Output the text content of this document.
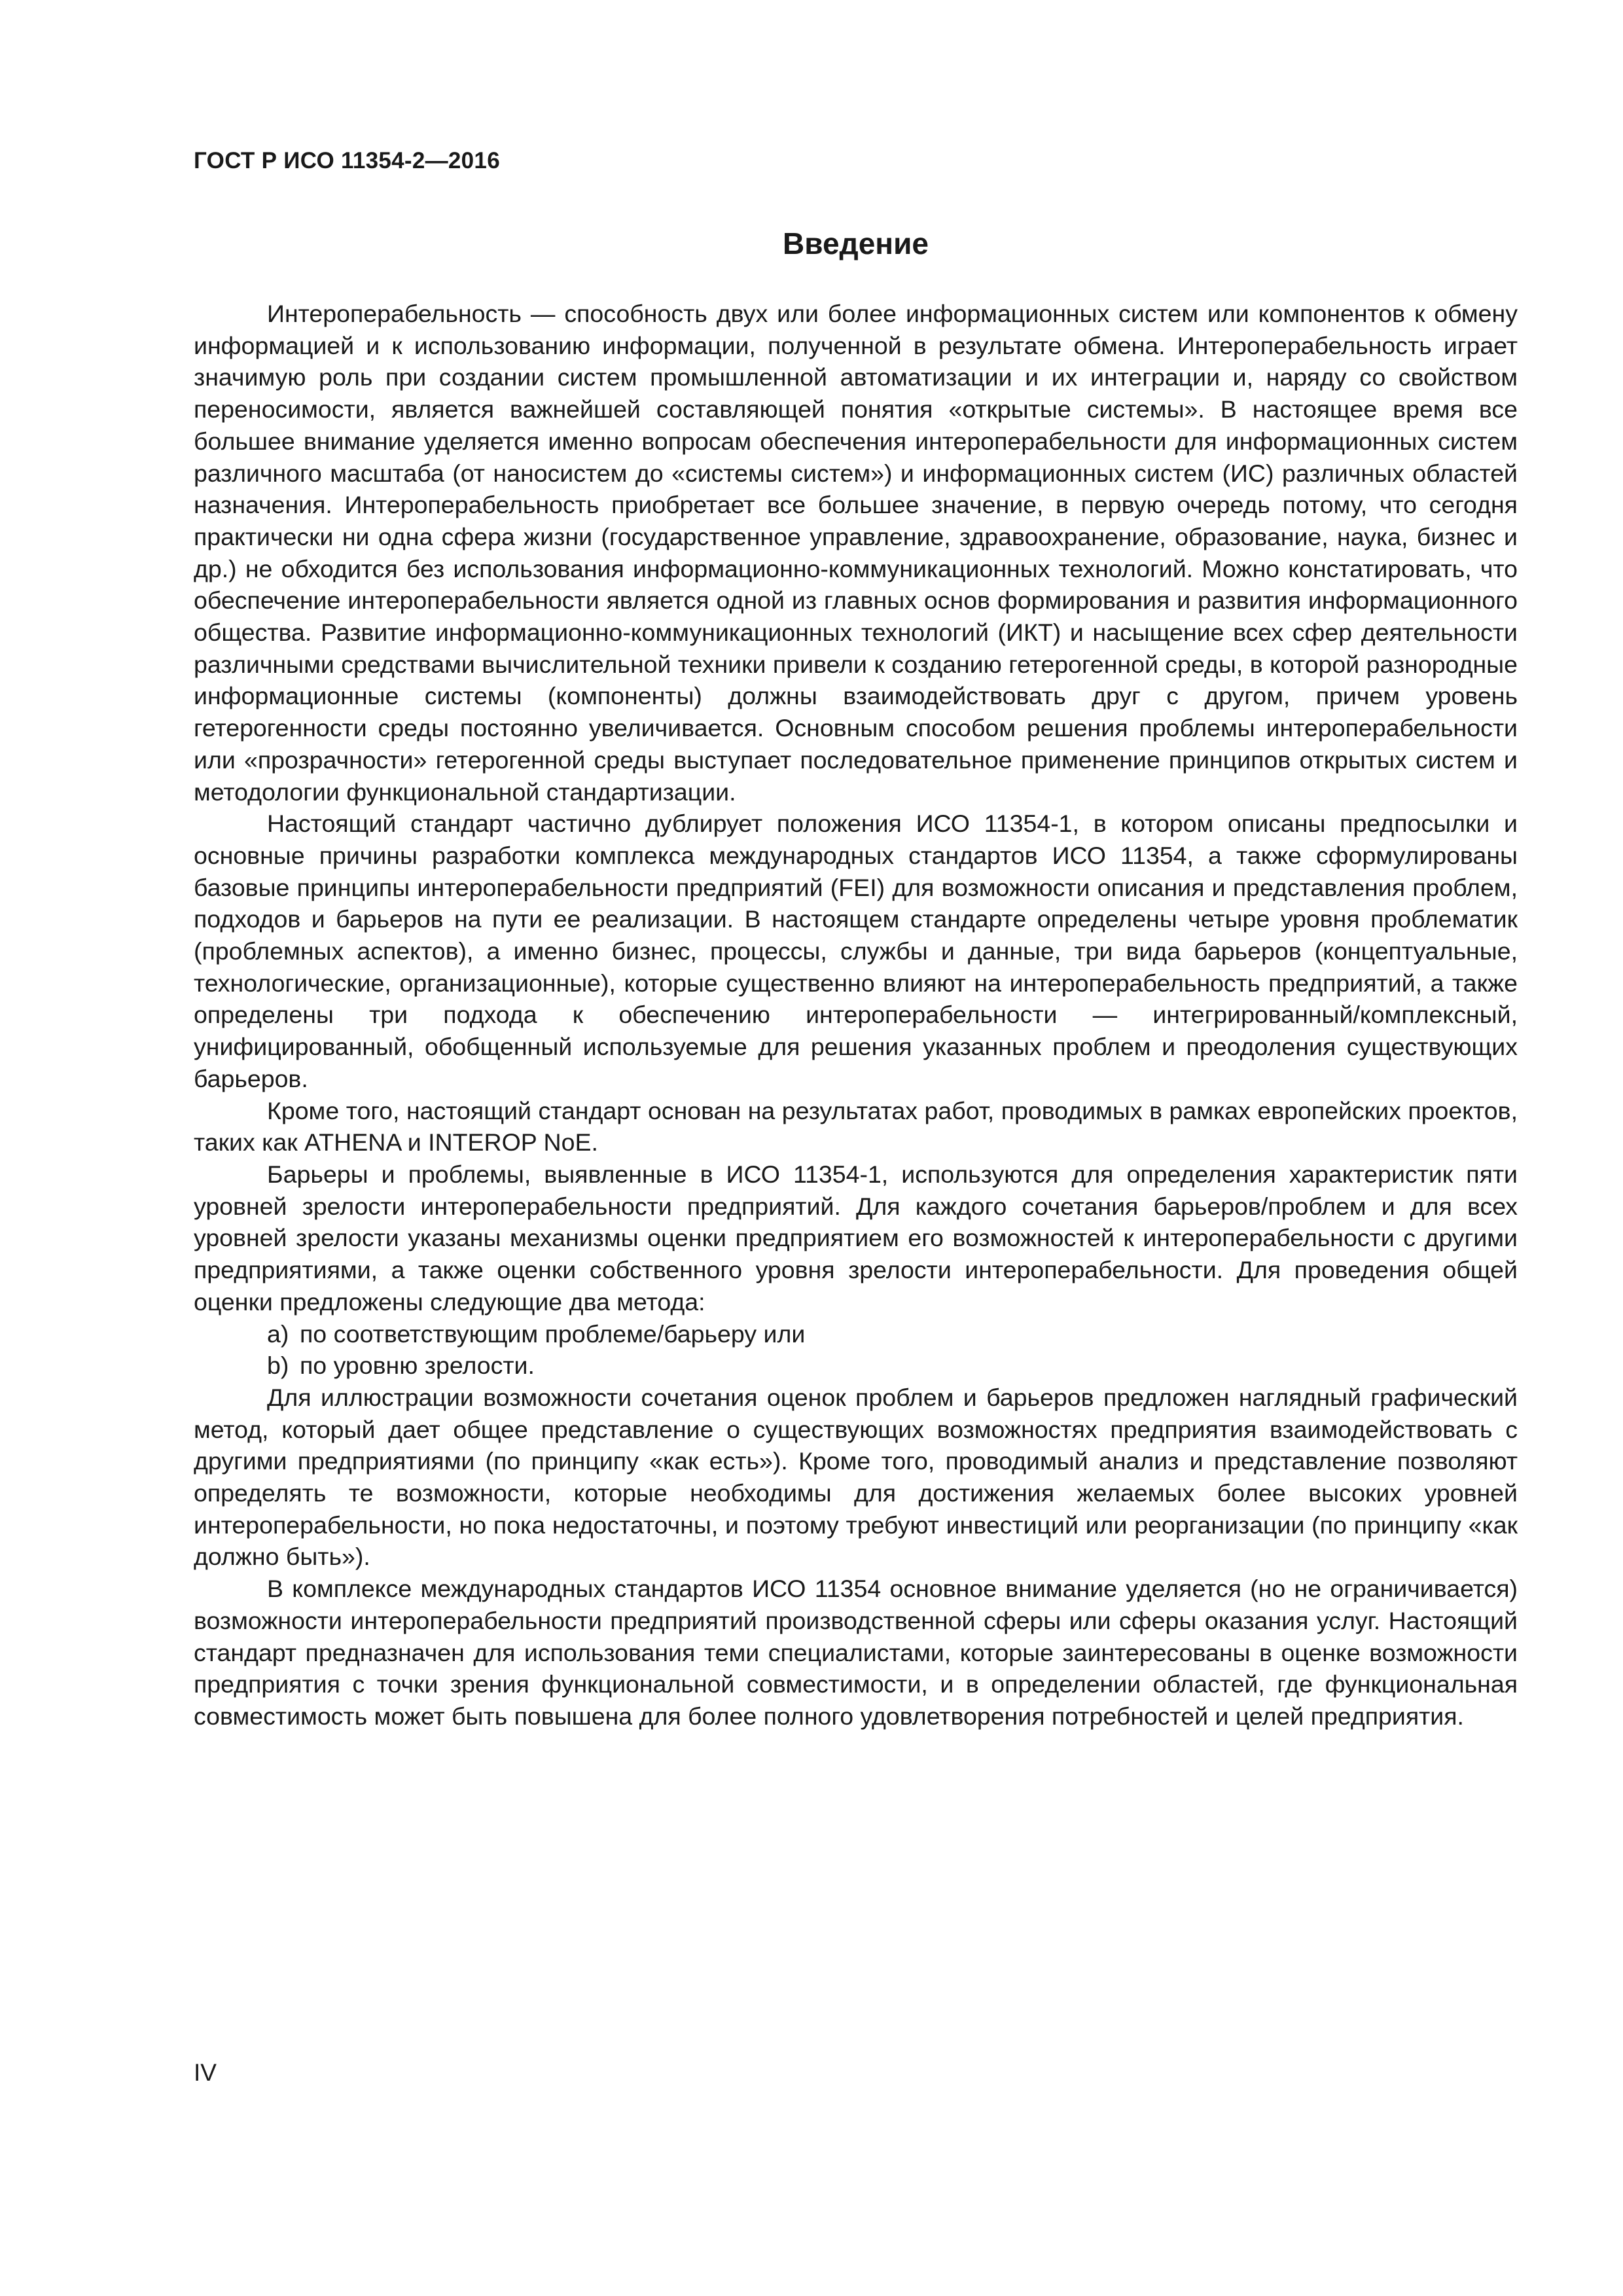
ГОСТ Р ИСО 11354-2—2016
Введение

Интероперабельность — способность двух или более информационных систем или компонентов к обмену информацией и к использованию информации, полученной в результате обмена. Интероперабельность играет значимую роль при создании систем промышленной автоматизации и их интеграции и, наряду со свойством переносимости, является важнейшей составляющей понятия «открытые системы». В настоящее время все большее внимание уделяется именно вопросам обеспечения интероперабельности для информационных систем различного масштаба (от наносистем до «системы систем») и информационных систем (ИС) различных областей назначения. Интероперабельность приобретает все большее значение, в первую очередь потому, что сегодня практически ни одна сфера жизни (государственное управление, здравоохранение, образование, наука, бизнес и др.) не обходится без использования информационно-коммуникационных технологий. Можно констатировать, что обеспечение интероперабельности является одной из главных основ формирования и развития информационного общества. Развитие информационно-коммуникационных технологий (ИКТ) и насыщение всех сфер деятельности различными средствами вычислительной техники привели к созданию гетерогенной среды, в которой разнородные информационные системы (компоненты) должны взаимодействовать друг с другом, причем уровень гетерогенности среды постоянно увеличивается. Основным способом решения проблемы интероперабельности или «прозрачности» гетерогенной среды выступает последовательное применение принципов открытых систем и методологии функциональной стандартизации.

Настоящий стандарт частично дублирует положения ИСО 11354-1, в котором описаны предпосылки и основные причины разработки комплекса международных стандартов ИСО 11354, а также сформулированы базовые принципы интероперабельности предприятий (FEI) для возможности описания и представления проблем, подходов и барьеров на пути ее реализации. В настоящем стандарте определены четыре уровня проблематик (проблемных аспектов), а именно бизнес, процессы, службы и данные, три вида барьеров (концептуальные, технологические, организационные), которые существенно влияют на интероперабельность предприятий, а также определены три подхода к обеспечению интероперабельности — интегрированный/комплексный, унифицированный, обобщенный используемые для решения указанных проблем и преодоления существующих барьеров.

Кроме того, настоящий стандарт основан на результатах работ, проводимых в рамках европейских проектов, таких как ATHENA и INTEROP NoE.

Барьеры и проблемы, выявленные в ИСО 11354-1, используются для определения характеристик пяти уровней зрелости интероперабельности предприятий. Для каждого сочетания барьеров/проблем и для всех уровней зрелости указаны механизмы оценки предприятием его возможностей к интероперабельности с другими предприятиями, а также оценки собственного уровня зрелости интероперабельности. Для проведения общей оценки предложены следующие два метода:

a) по соответствующим проблеме/барьеру или
b) по уровню зрелости.

Для иллюстрации возможности сочетания оценок проблем и барьеров предложен наглядный графический метод, который дает общее представление о существующих возможностях предприятия взаимодействовать с другими предприятиями (по принципу «как есть»). Кроме того, проводимый анализ и представление позволяют определять те возможности, которые необходимы для достижения желаемых более высоких уровней интероперабельности, но пока недостаточны, и поэтому требуют инвестиций или реорганизации (по принципу «как должно быть»).

В комплексе международных стандартов ИСО 11354 основное внимание уделяется (но не ограничивается) возможности интероперабельности предприятий производственной сферы или сферы оказания услуг. Настоящий стандарт предназначен для использования теми специалистами, которые заинтересованы в оценке возможности предприятия с точки зрения функциональной совместимости, и в определении областей, где функциональная совместимость может быть повышена для более полного удовлетворения потребностей и целей предприятия.

IV
